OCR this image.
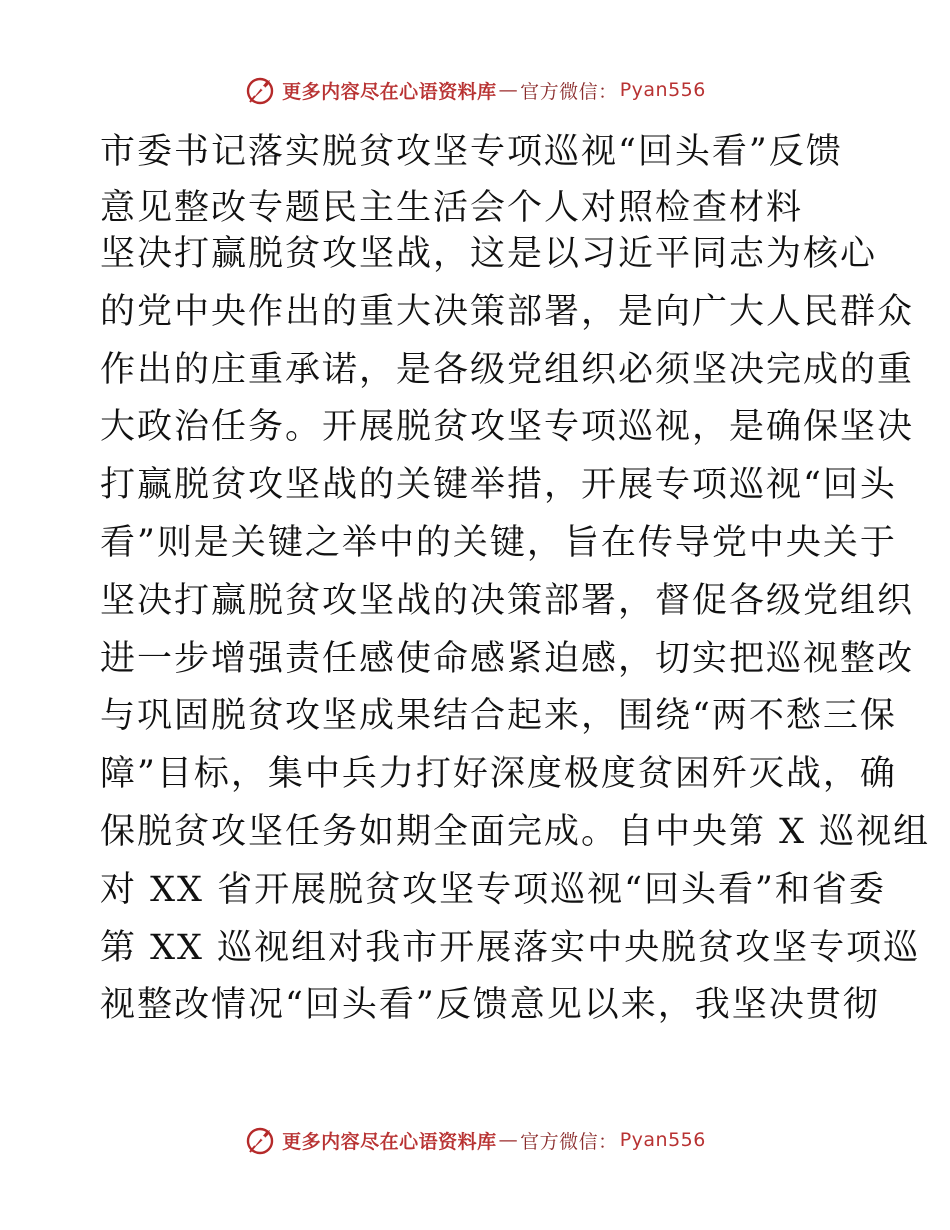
更多内容尽在心语资料库 — 官方微信： Pyan556
市委书记落实脱贫攻坚专项巡视“回头看”反馈
意见整改专题民主生活会个人对照检查材料
坚决打赢脱贫攻坚战，这是以习近平同志为核心
的党中央作出的重大决策部署，是向广大人民群众
作出的庄重承诺，是各级党组织必须坚决完成的重
大政治任务。开展脱贫攻坚专项巡视，是确保坚决
打赢脱贫攻坚战的关键举措，开展专项巡视“回头
看”则是关键之举中的关键，旨在传导党中央关于
坚决打赢脱贫攻坚战的决策部署，督促各级党组织
进一步增强责任感使命感紧迫感，切实把巡视整改
与巩固脱贫攻坚成果结合起来，围绕“两不愁三保
障”目标，集中兵力打好深度极度贫困歼灭战，确
保脱贫攻坚任务如期全面完成。自中央第 X 巡视组
对 XX 省开展脱贫攻坚专项巡视“回头看”和省委
第 XX 巡视组对我市开展落实中央脱贫攻坚专项巡
视整改情况“回头看”反馈意见以来，我坚决贯彻
更多内容尽在心语资料库 — 官方微信： Pyan556
